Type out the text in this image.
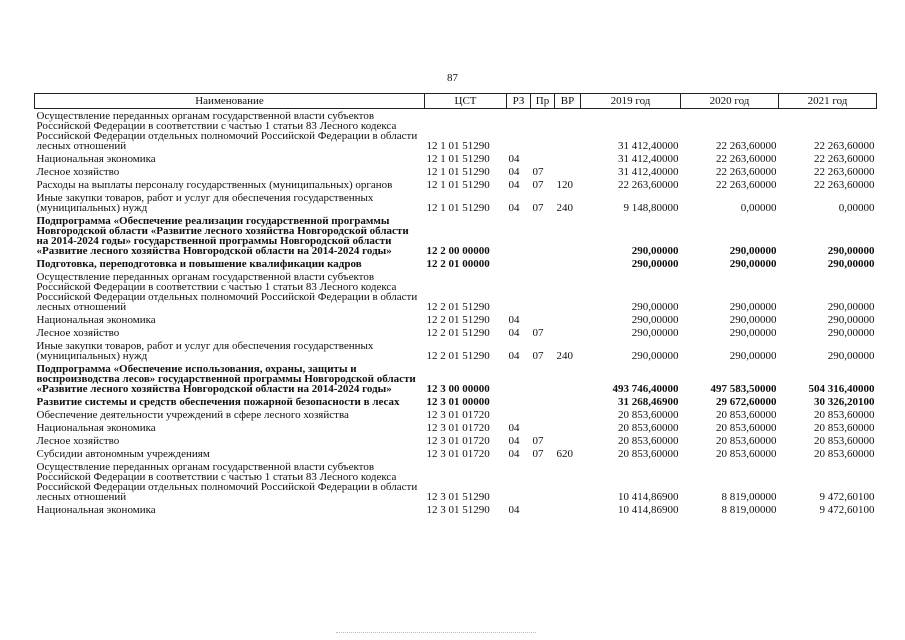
87
Наименование	ЦСТ	РЗ	Пр	ВР	2019 год	2020 год	2021 год
Осуществление переданных органам государственной власти субъектов Российской Федерации в соответствии с частью 1 статьи 83 Лесного кодекса Российской Федерации отдельных полномочий Российской Федерации в области лесных отношений	12 1 01 51290				31 412,40000	22 263,60000	22 263,60000
Национальная экономика	12 1 01 51290	04			31 412,40000	22 263,60000	22 263,60000
Лесное хозяйство	12 1 01 51290	04	07		31 412,40000	22 263,60000	22 263,60000
Расходы на выплаты персоналу государственных (муниципальных) органов	12 1 01 51290	04	07	120	22 263,60000	22 263,60000	22 263,60000
Иные закупки товаров, работ и услуг для обеспечения государственных (муниципальных) нужд	12 1 01 51290	04	07	240	9 148,80000	0,00000	0,00000
Подпрограмма «Обеспечение реализации государственной программы Новгородской области «Развитие лесного хозяйства Новгородской области на 2014-2024 годы» государственной программы Новгородской области «Развитие лесного хозяйства Новгородской области на 2014-2024 годы»	12 2 00 00000				290,00000	290,00000	290,00000
Подготовка, переподготовка и повышение квалификации кадров	12 2 01 00000				290,00000	290,00000	290,00000
Осуществление переданных органам государственной власти субъектов Российской Федерации в соответствии с частью 1 статьи 83 Лесного кодекса Российской Федерации отдельных полномочий Российской Федерации в области лесных отношений	12 2 01 51290				290,00000	290,00000	290,00000
Национальная экономика	12 2 01 51290	04			290,00000	290,00000	290,00000
Лесное хозяйство	12 2 01 51290	04	07		290,00000	290,00000	290,00000
Иные закупки товаров, работ и услуг для обеспечения государственных (муниципальных) нужд	12 2 01 51290	04	07	240	290,00000	290,00000	290,00000
Подпрограмма «Обеспечение использования, охраны, защиты и воспроизводства лесов» государственной программы Новгородской области «Развитие лесного хозяйства Новгородской области на 2014-2024 годы»	12 3 00 00000				493 746,40000	497 583,50000	504 316,40000
Развитие системы и средств обеспечения пожарной безопасности в лесах	12 3 01 00000				31 268,46900	29 672,60000	30 326,20100
Обеспечение деятельности учреждений в сфере лесного хозяйства	12 3 01 01720				20 853,60000	20 853,60000	20 853,60000
Национальная экономика	12 3 01 01720	04			20 853,60000	20 853,60000	20 853,60000
Лесное хозяйство	12 3 01 01720	04	07		20 853,60000	20 853,60000	20 853,60000
Субсидии автономным учреждениям	12 3 01 01720	04	07	620	20 853,60000	20 853,60000	20 853,60000
Осуществление переданных органам государственной власти субъектов Российской Федерации в соответствии с частью 1 статьи 83 Лесного кодекса Российской Федерации отдельных полномочий Российской Федерации в области лесных отношений	12 3 01 51290				10 414,86900	8 819,00000	9 472,60100
Национальная экономика	12 3 01 51290	04			10 414,86900	8 819,00000	9 472,60100
